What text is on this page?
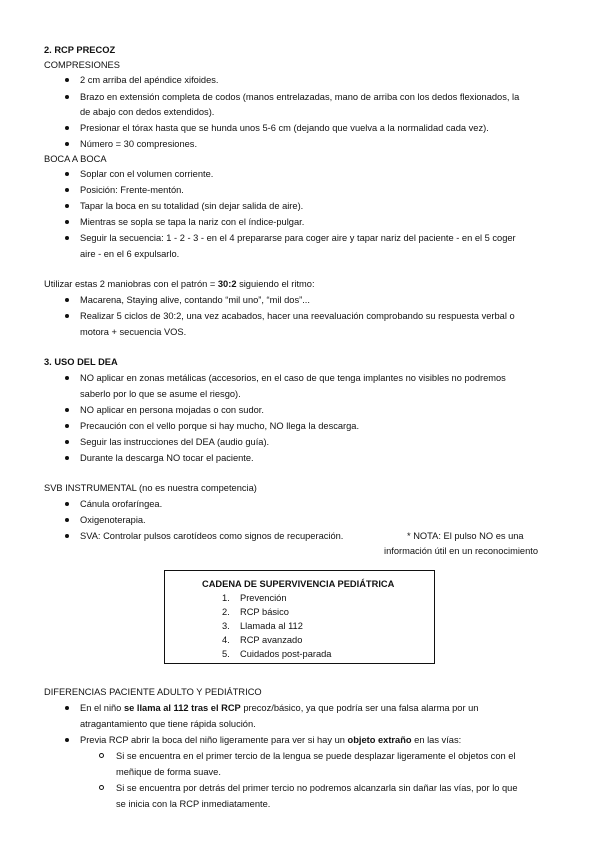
2. RCP PRECOZ
COMPRESIONES
2 cm arriba del apéndice xifoides.
Brazo en extensión completa de codos (manos entrelazadas, mano de arriba con los dedos flexionados, la
de abajo con dedos extendidos).
Presionar el tórax hasta que se hunda unos 5-6 cm (dejando que vuelva a la normalidad cada vez).
Número = 30 compresiones.
BOCA A BOCA
Soplar con el volumen corriente.
Posición: Frente-mentón.
Tapar la boca en su totalidad (sin dejar salida de aire).
Mientras se sopla se tapa la nariz con el índice-pulgar.
Seguir la secuencia: 1 - 2 - 3 - en el 4 prepararse para coger aire y tapar nariz del paciente - en el 5 coger
aire - en el 6 expulsarlo.
Utilizar estas 2 maniobras con el patrón = 30:2 siguiendo el ritmo:
Macarena, Staying alive, contando “mil uno”, “mil dos”...
Realizar 5 ciclos de 30:2, una vez acabados, hacer una reevaluación comprobando su respuesta verbal o
motora + secuencia VOS.
3. USO DEL DEA
NO aplicar en zonas metálicas (accesorios, en el caso de que tenga implantes no visibles no podremos
saberlo por lo que se asume el riesgo).
NO aplicar en persona mojadas o con sudor.
Precaución con el vello porque si hay mucho, NO llega la descarga.
Seguir las instrucciones del DEA (audio guía).
Durante la descarga NO tocar el paciente.
SVB INSTRUMENTAL (no es nuestra competencia)
Cánula orofaríngea.
Oxigenoterapia.
SVA: Controlar pulsos carotídeos como signos de recuperación.	* NOTA: El pulso NO es una
información útil en un reconocimiento
CADENA DE SUPERVIVENCIA PEDIÁTRICA
1. Prevención
2. RCP básico
3. Llamada al 112
4. RCP avanzado
5. Cuidados post-parada
DIFERENCIAS PACIENTE ADULTO Y PEDIÁTRICO
En el niño se llama al 112 tras el RCP precoz/básico, ya que podría ser una falsa alarma por un
atragantamiento que tiene rápida solución.
Previa RCP abrir la boca del niño ligeramente para ver si hay un objeto extraño en las vías:
Si se encuentra en el primer tercio de la lengua se puede desplazar ligeramente el objetos con el
meñique de forma suave.
Si se encuentra por detrás del primer tercio no podremos alcanzarla sin dañar las vías, por lo que
se inicia con la RCP inmediatamente.
